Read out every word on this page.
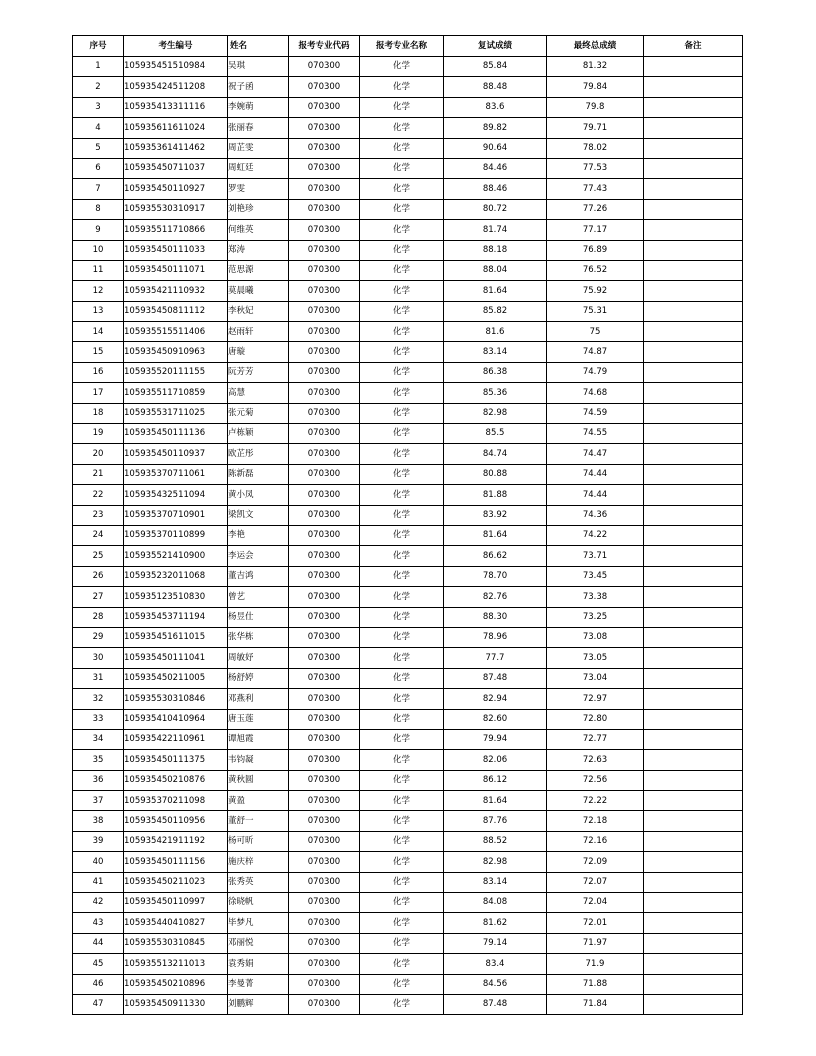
序号	考生编号	姓名	报考专业代码	报考专业名称	复试成绩	最终总成绩	备注
1	105935451510984	吴琪	070300	化学	85.84	81.32	
2	105935424511208	祝子函	070300	化学	88.48	79.84	
3	105935413311116	李婉萌	070300	化学	83.6	79.8	
4	105935611611024	张丽春	070300	化学	89.82	79.71	
5	105935361411462	周芷雯	070300	化学	90.64	78.02	
6	105935450711037	周虹廷	070300	化学	84.46	77.53	
7	105935450110927	罗雯	070300	化学	88.46	77.43	
8	105935530310917	刘艳珍	070300	化学	80.72	77.26	
9	105935511710866	何维英	070300	化学	81.74	77.17	
10	105935450111033	郑涛	070300	化学	88.18	76.89	
11	105935450111071	范思源	070300	化学	88.04	76.52	
12	105935421110932	莫晨曦	070300	化学	81.64	75.92	
13	105935450811112	李秋妃	070300	化学	85.82	75.31	
14	105935515511406	赵雨轩	070300	化学	81.6	75	
15	105935450910963	唐璇	070300	化学	83.14	74.87	
16	105935520111155	阮芳芳	070300	化学	86.38	74.79	
17	105935511710859	高慧	070300	化学	85.36	74.68	
18	105935531711025	张元菊	070300	化学	82.98	74.59	
19	105935450111136	卢栋颖	070300	化学	85.5	74.55	
20	105935450110937	欧芷彤	070300	化学	84.74	74.47	
21	105935370711061	陈新磊	070300	化学	80.88	74.44	
22	105935432511094	黄小凤	070300	化学	81.88	74.44	
23	105935370710901	梁凯文	070300	化学	83.92	74.36	
24	105935370110899	李艳	070300	化学	81.64	74.22	
25	105935521410900	李运会	070300	化学	86.62	73.71	
26	105935232011068	董吉鸿	070300	化学	78.70	73.45	
27	105935123510830	曾艺	070300	化学	82.76	73.38	
28	105935453711194	杨昱仕	070300	化学	88.30	73.25	
29	105935451611015	张华栋	070300	化学	78.96	73.08	
30	105935450111041	周敏妤	070300	化学	77.7	73.05	
31	105935450211005	杨舒婷	070300	化学	87.48	73.04	
32	105935530310846	邓燕利	070300	化学	82.94	72.97	
33	105935410410964	唐玉莲	070300	化学	82.60	72.80	
34	105935422110961	谭旭霞	070300	化学	79.94	72.77	
35	105935450111375	韦钧凝	070300	化学	82.06	72.63	
36	105935450210876	黄秋圆	070300	化学	86.12	72.56	
37	105935370211098	黄盈	070300	化学	81.64	72.22	
38	105935450110956	董舒一	070300	化学	87.76	72.18	
39	105935421911192	杨可昕	070300	化学	88.52	72.16	
40	105935450111156	施庆梓	070300	化学	82.98	72.09	
41	105935450211023	张秀英	070300	化学	83.14	72.07	
42	105935450110997	徐晓帆	070300	化学	84.08	72.04	
43	105935440410827	毕梦凡	070300	化学	81.62	72.01	
44	105935530310845	邓丽悦	070300	化学	79.14	71.97	
45	105935513211013	袁秀娟	070300	化学	83.4	71.9	
46	105935450210896	李曼菁	070300	化学	84.56	71.88	
47	105935450911330	刘鹏辉	070300	化学	87.48	71.84	
